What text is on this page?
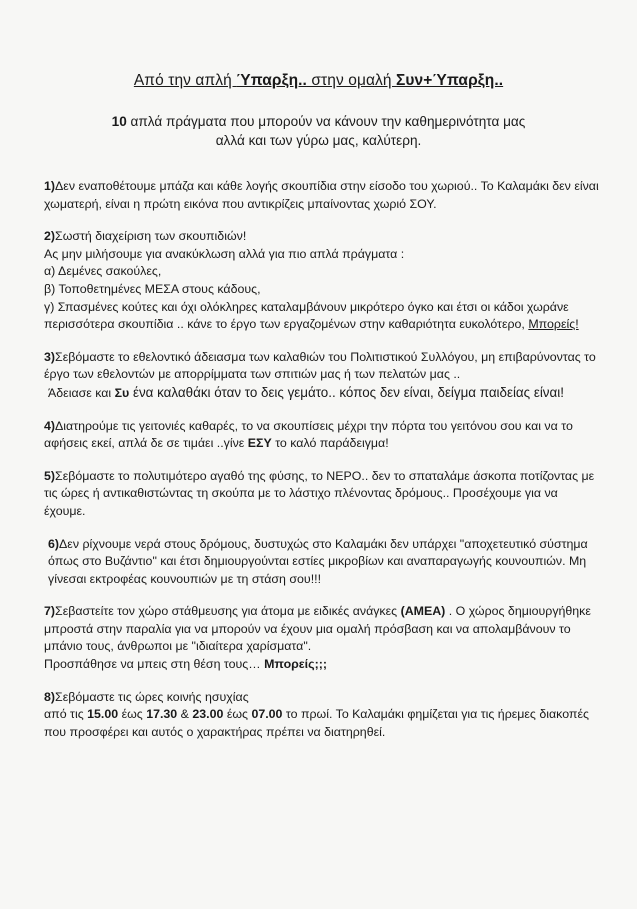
Από την απλή Ύπαρξη.. στην ομαλή Συν+Ύπαρξη..
10 απλά πράγματα που μπορούν να κάνουν την καθημερινότητα μας
αλλά και των γύρω μας, καλύτερη.

1)Δεν εναποθέτουμε μπάζα και κάθε λογής σκουπίδια στην είσοδο του χωριού.. Το Καλαμάκι δεν είναι χωματερή, είναι η πρώτη εικόνα που αντικρίζεις μπαίνοντας χωριό ΣΟΥ.

2)Σωστή διαχείριση των σκουπιδιών!

Ας μην μιλήσουμε για ανακύκλωση αλλά για πιο απλά πράγματα :

α) Δεμένες σακούλες,

β) Τοποθετημένες ΜΕΣΑ στους κάδους,

γ) Σπασμένες κούτες και όχι ολόκληρες καταλαμβάνουν μικρότερο όγκο και έτσι οι κάδοι χωράνε περισσότερα σκουπίδια .. κάνε το έργο των εργαζομένων στην καθαριότητα ευκολότερο, Μπορείς!

3)Σεβόμαστε το εθελοντικό άδειασμα των καλαθιών του Πολιτιστικού Συλλόγου, μη επιβαρύνοντας το έργο των εθελοντών με απορρίμματα των σπιτιών μας ή των πελατών μας ..

Άδειασε και Συ ένα καλαθάκι όταν το δεις γεμάτο.. κόπος δεν είναι, δείγμα παιδείας είναι!

4)Διατηρούμε τις γειτονιές καθαρές, το να σκουπίσεις μέχρι την πόρτα του γειτόνου σου και να το αφήσεις εκεί, απλά δε σε τιμάει ..γίνε ΕΣΥ το καλό παράδειγμα!

5)Σεβόμαστε το πολυτιμότερο αγαθό της φύσης, το ΝΕΡΟ.. δεν το σπαταλάμε άσκοπα ποτίζοντας με τις ώρες ή αντικαθιστώντας τη σκούπα με το λάστιχο πλένοντας δρόμους.. Προσέχουμε για να έχουμε.

6)Δεν ρίχνουμε νερά στους δρόμους, δυστυχώς στο Καλαμάκι δεν υπάρχει "αποχετευτικό σύστημα όπως στο Βυζάντιο" και έτσι δημιουργούνται εστίες μικροβίων και αναπαραγωγής κουνουπιών. Μη γίνεσαι εκτροφέας κουνουπιών με τη στάση σου!!!

7)Σεβαστείτε τον χώρο στάθμευσης για άτομα με ειδικές ανάγκες (ΑΜΕΑ) . Ο χώρος δημιουργήθηκε μπροστά στην παραλία για να μπορούν να έχουν μια ομαλή πρόσβαση και να απολαμβάνουν το μπάνιο τους, άνθρωποι με "ιδιαίτερα χαρίσματα".

Προσπάθησε να μπεις στη θέση τους… Μπορείς;;;

8)Σεβόμαστε τις ώρες κοινής ησυχίας

από τις 15.00 έως 17.30 & 23.00 έως 07.00 το πρωί. Το Καλαμάκι φημίζεται για τις ήρεμες διακοπές που προσφέρει και αυτός ο χαρακτήρας πρέπει να διατηρηθεί.
